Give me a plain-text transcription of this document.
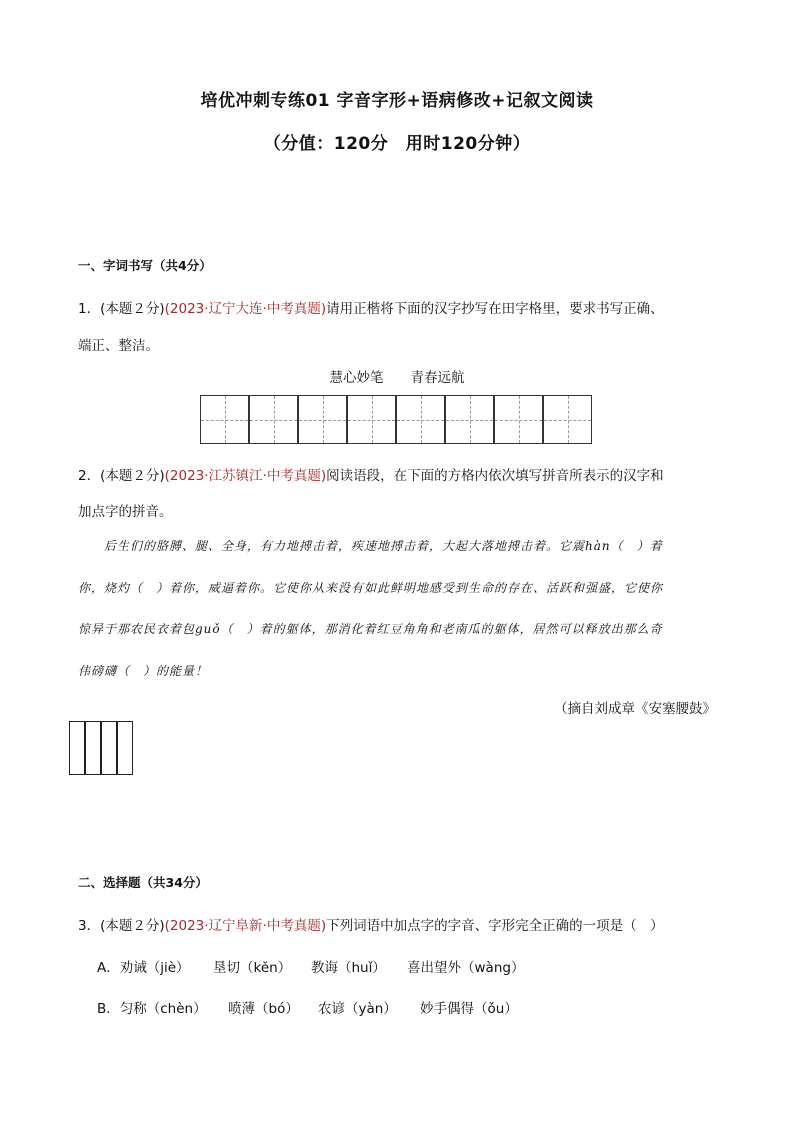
培优冲刺专练01 字音字形+语病修改+记叙文阅读
（分值：120分　用时120分钟）
一、字词书写（共4分）
1．(本题２分)(2023·辽宁大连·中考真题)请用正楷将下面的汉字抄写在田字格里，要求书写正确、
端正、整洁。
慧心妙笔　　青春远航
2．(本题２分)(2023·江苏镇江·中考真题)阅读语段，在下面的方格内依次填写拼音所表示的汉字和
加点字的拼音。
后生们的胳膊、腿、全身，有力地搏击着，疾速地搏击着，大起大落地搏击着。它震hàn（　）着
你，烧灼（　）着你，威逼着你。它使你从来没有如此鲜明地感受到生命的存在、活跃和强盛，它使你
惊异于那农民衣着包guǒ（　）着的躯体，那消化着红豆角角和老南瓜的躯体，居然可以释放出那么奇
伟磅礴（　）的能量！
（摘自刘成章《安塞腰鼓》
二、选择题（共34分）
3．(本题２分)(2023·辽宁阜新·中考真题)下列词语中加点字的字音、字形完全正确的一项是（　）
A．劝诫（jiè） 垦切（kěn） 教诲（huǐ） 喜出望外（wàng）
B．匀称（chèn） 喷薄（bó） 农谚（yàn） 妙手偶得（ǒu）
